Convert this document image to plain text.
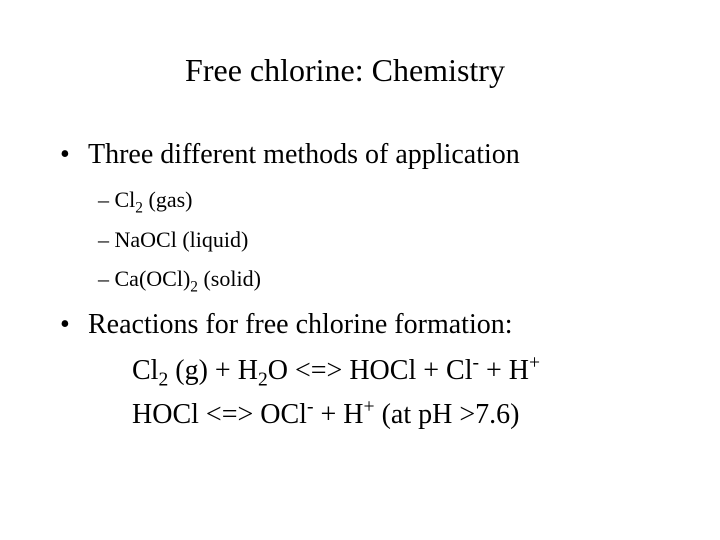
Free chlorine: Chemistry
• Three different methods of application
– $Cl_2$ (gas)
– NaOCl (liquid)
– $Ca(OCl)_2$ (solid)
• Reactions for free chlorine formation:
$Cl_2$ $(g) + H_2O$ <=> HOCl + Cl- + H+
HOCl <=> OCl- + H+ (at pH >7.6)
